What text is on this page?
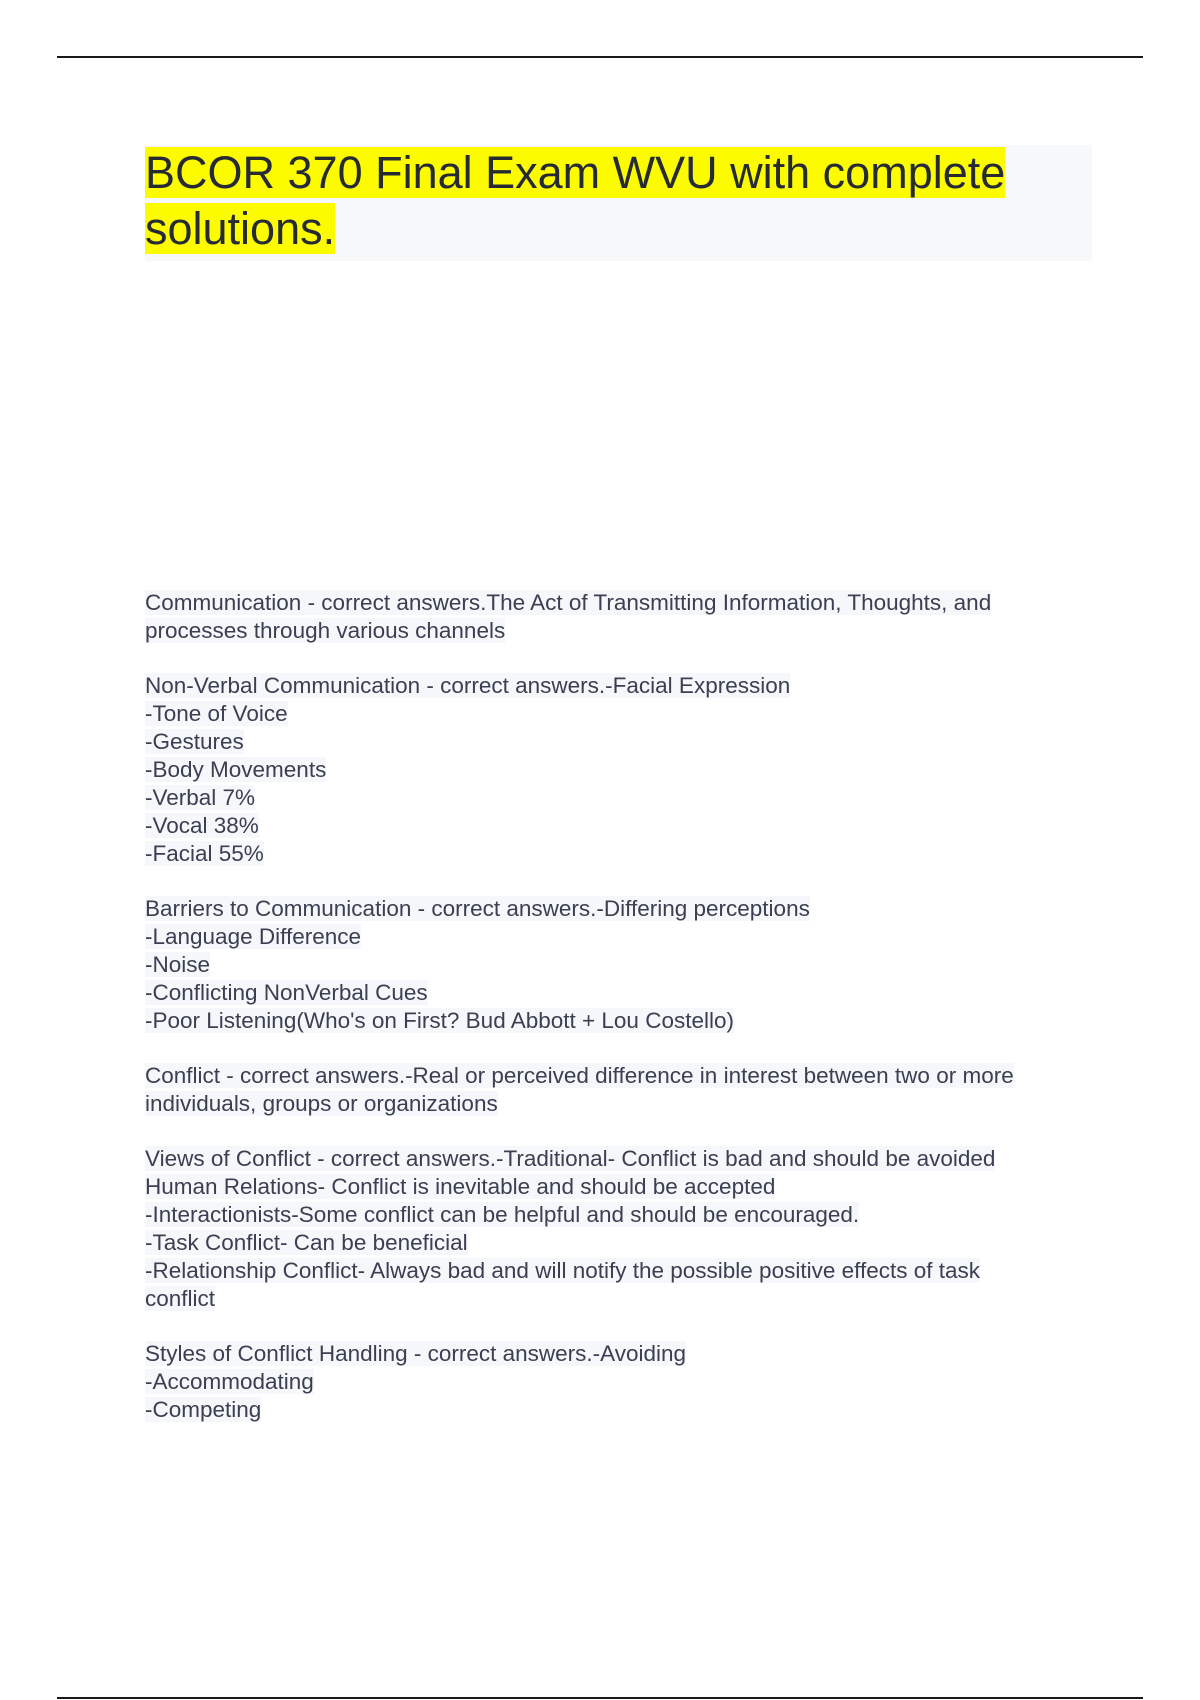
BCOR 370 Final Exam WVU with complete solutions.
Communication - correct answers.The Act of Transmitting Information, Thoughts, and
processes through various channels
Non-Verbal Communication - correct answers.-Facial Expression
-Tone of Voice
-Gestures
-Body Movements
-Verbal 7%
-Vocal 38%
-Facial 55%
Barriers to Communication - correct answers.-Differing perceptions
-Language Difference
-Noise
-Conflicting NonVerbal Cues
-Poor Listening(Who's on First? Bud Abbott + Lou Costello)
Conflict - correct answers.-Real or perceived difference in interest between two or more
individuals, groups or organizations
Views of Conflict - correct answers.-Traditional- Conflict is bad and should be avoided
Human Relations- Conflict is inevitable and should be accepted
-Interactionists-Some conflict can be helpful and should be encouraged.
-Task Conflict- Can be beneficial
-Relationship Conflict- Always bad and will notify the possible positive effects of task
conflict
Styles of Conflict Handling - correct answers.-Avoiding
-Accommodating
-Competing
